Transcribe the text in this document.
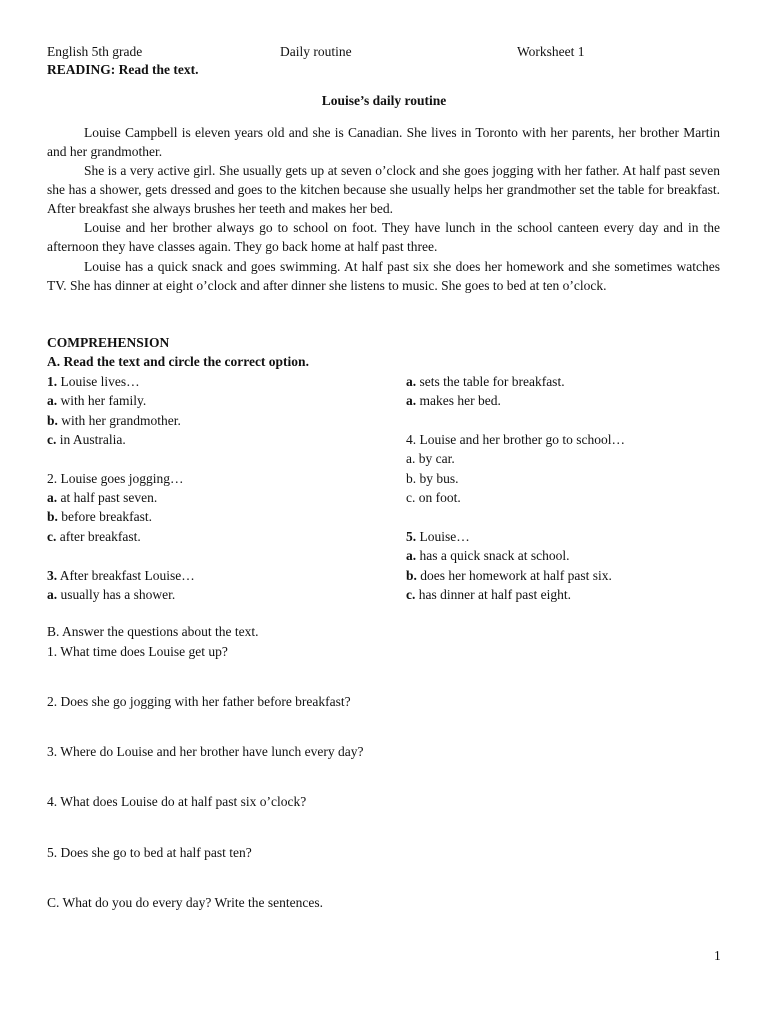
English 5th grade	Daily routine	Worksheet 1
READING: Read the text.
Louise’s daily routine

Louise Campbell is eleven years old and she is Canadian. She lives in Toronto with her parents, her brother Martin and her grandmother.

She is a very active girl. She usually gets up at seven o’clock and she goes jogging with her father. At half past seven she has a shower, gets dressed and goes to the kitchen because she usually helps her grandmother set the table for breakfast. After breakfast she always brushes her teeth and makes her bed.

Louise and her brother always go to school on foot. They have lunch in the school canteen every day and in the afternoon they have classes again. They go back home at half past three.

Louise has a quick snack and goes swimming. At half past six she does her homework and she sometimes watches TV. She has dinner at eight o’clock and after dinner she listens to music. She goes to bed at ten o’clock.

COMPREHENSION
A. Read the text and circle the correct option.
1. Louise lives…
a. with her family.
b. with her grandmother.
c. in Australia.
2. Louise goes jogging…
a. at half past seven.
b. before breakfast.
c. after breakfast.
3. After breakfast Louise…
a. usually has a shower.
a. sets the table for breakfast.
a. makes her bed.
4. Louise and her brother go to school…
a. by car.
b. by bus.
c. on foot.
5. Louise…
a. has a quick snack at school.
b. does her homework at half past six.
c. has dinner at half past eight.
B. Answer the questions about the text.
1. What time does Louise get up?
2. Does she go jogging with her father before breakfast?
3. Where do Louise and her brother have lunch every day?
4. What does Louise do at half past six o’clock?
5. Does she go to bed at half past ten?
C. What do you do every day? Write the sentences.
1
